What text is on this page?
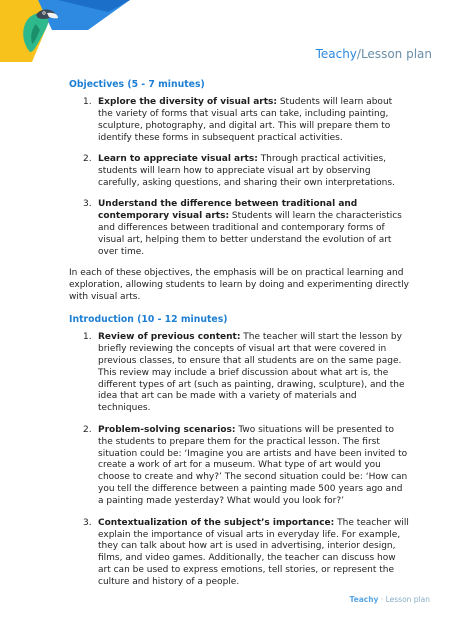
Teachy/Lesson plan
Objectives (5 - 7 minutes)
1. Explore the diversity of visual arts: Students will learn about the variety of forms that visual arts can take, including painting, sculpture, photography, and digital art. This will prepare them to identify these forms in subsequent practical activities.
2. Learn to appreciate visual arts: Through practical activities, students will learn how to appreciate visual art by observing carefully, asking questions, and sharing their own interpretations.
3. Understand the difference between traditional and contemporary visual arts: Students will learn the characteristics and differences between traditional and contemporary forms of visual art, helping them to better understand the evolution of art over time.

In each of these objectives, the emphasis will be on practical learning and exploration, allowing students to learn by doing and experimenting directly with visual arts.

Introduction (10 - 12 minutes)
1. Review of previous content: The teacher will start the lesson by briefly reviewing the concepts of visual art that were covered in previous classes, to ensure that all students are on the same page. This review may include a brief discussion about what art is, the different types of art (such as painting, drawing, sculpture), and the idea that art can be made with a variety of materials and techniques.
2. Problem-solving scenarios: Two situations will be presented to the students to prepare them for the practical lesson. The first situation could be: ‘Imagine you are artists and have been invited to create a work of art for a museum. What type of art would you choose to create and why?’ The second situation could be: ‘How can you tell the difference between a painting made 500 years ago and a painting made yesterday? What would you look for?’
3. Contextualization of the subject’s importance: The teacher will explain the importance of visual arts in everyday life. For example, they can talk about how art is used in advertising, interior design, films, and video games. Additionally, the teacher can discuss how art can be used to express emotions, tell stories, or represent the culture and history of a people.
Teachy · Lesson plan
